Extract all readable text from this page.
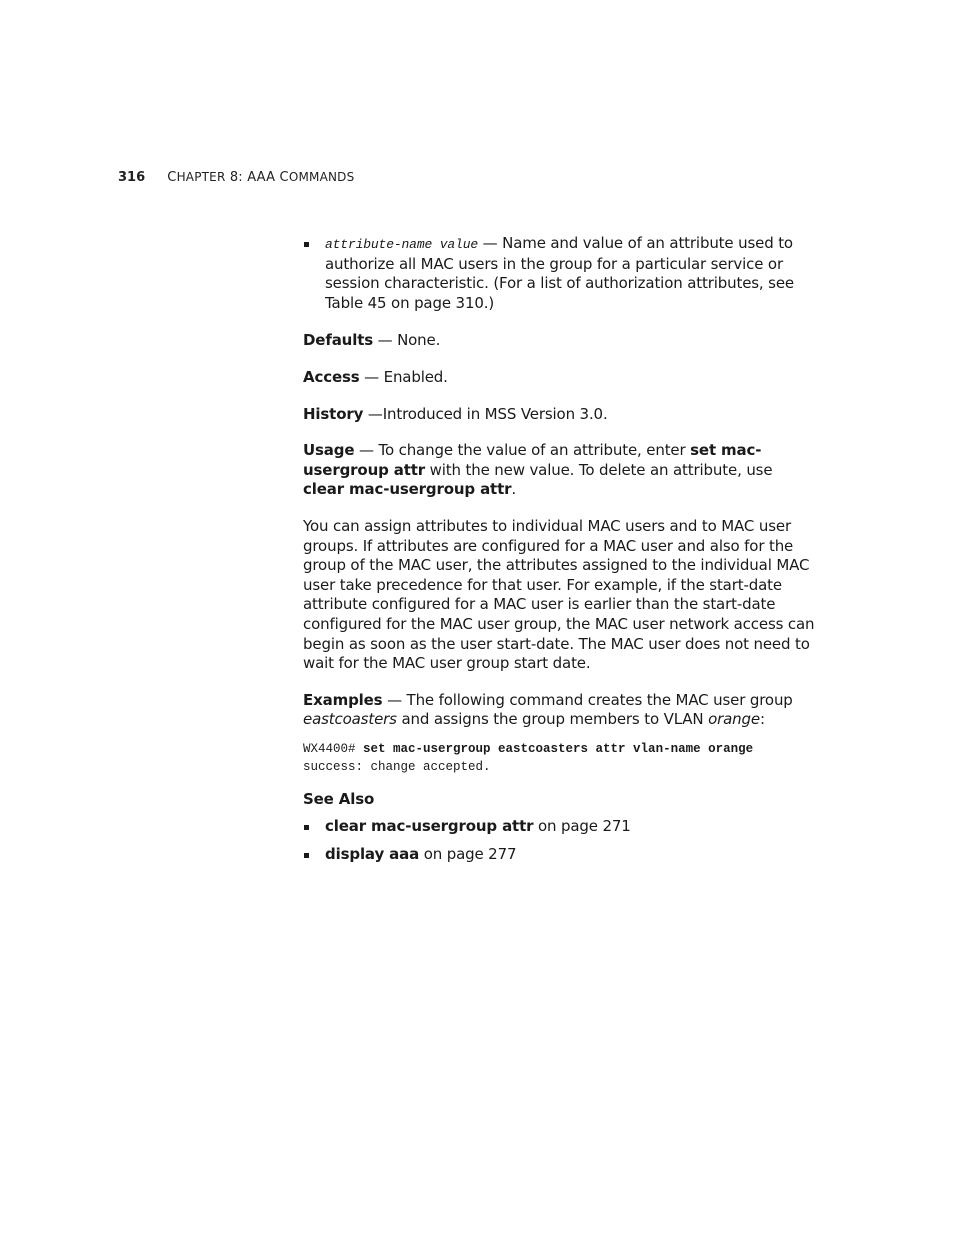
316 CHAPTER 8: AAA COMMANDS
attribute-name value — Name and value of an attribute used to authorize all MAC users in the group for a particular service or session characteristic. (For a list of authorization attributes, see Table 45 on page 310.)

Defaults — None.

Access — Enabled.

History —Introduced in MSS Version 3.0.

Usage — To change the value of an attribute, enter set mac-usergroup attr with the new value. To delete an attribute, use clear mac-usergroup attr.

You can assign attributes to individual MAC users and to MAC user groups. If attributes are configured for a MAC user and also for the group of the MAC user, the attributes assigned to the individual MAC user take precedence for that user. For example, if the start-date attribute configured for a MAC user is earlier than the start-date configured for the MAC user group, the MAC user network access can begin as soon as the user start-date. The MAC user does not need to wait for the MAC user group start date.

Examples — The following command creates the MAC user group eastcoasters and assigns the group members to VLAN orange:

WX4400# set mac-usergroup eastcoasters attr vlan-name orange
success: change accepted.

See Also

clear mac-usergroup attr on page 271
display aaa on page 277
